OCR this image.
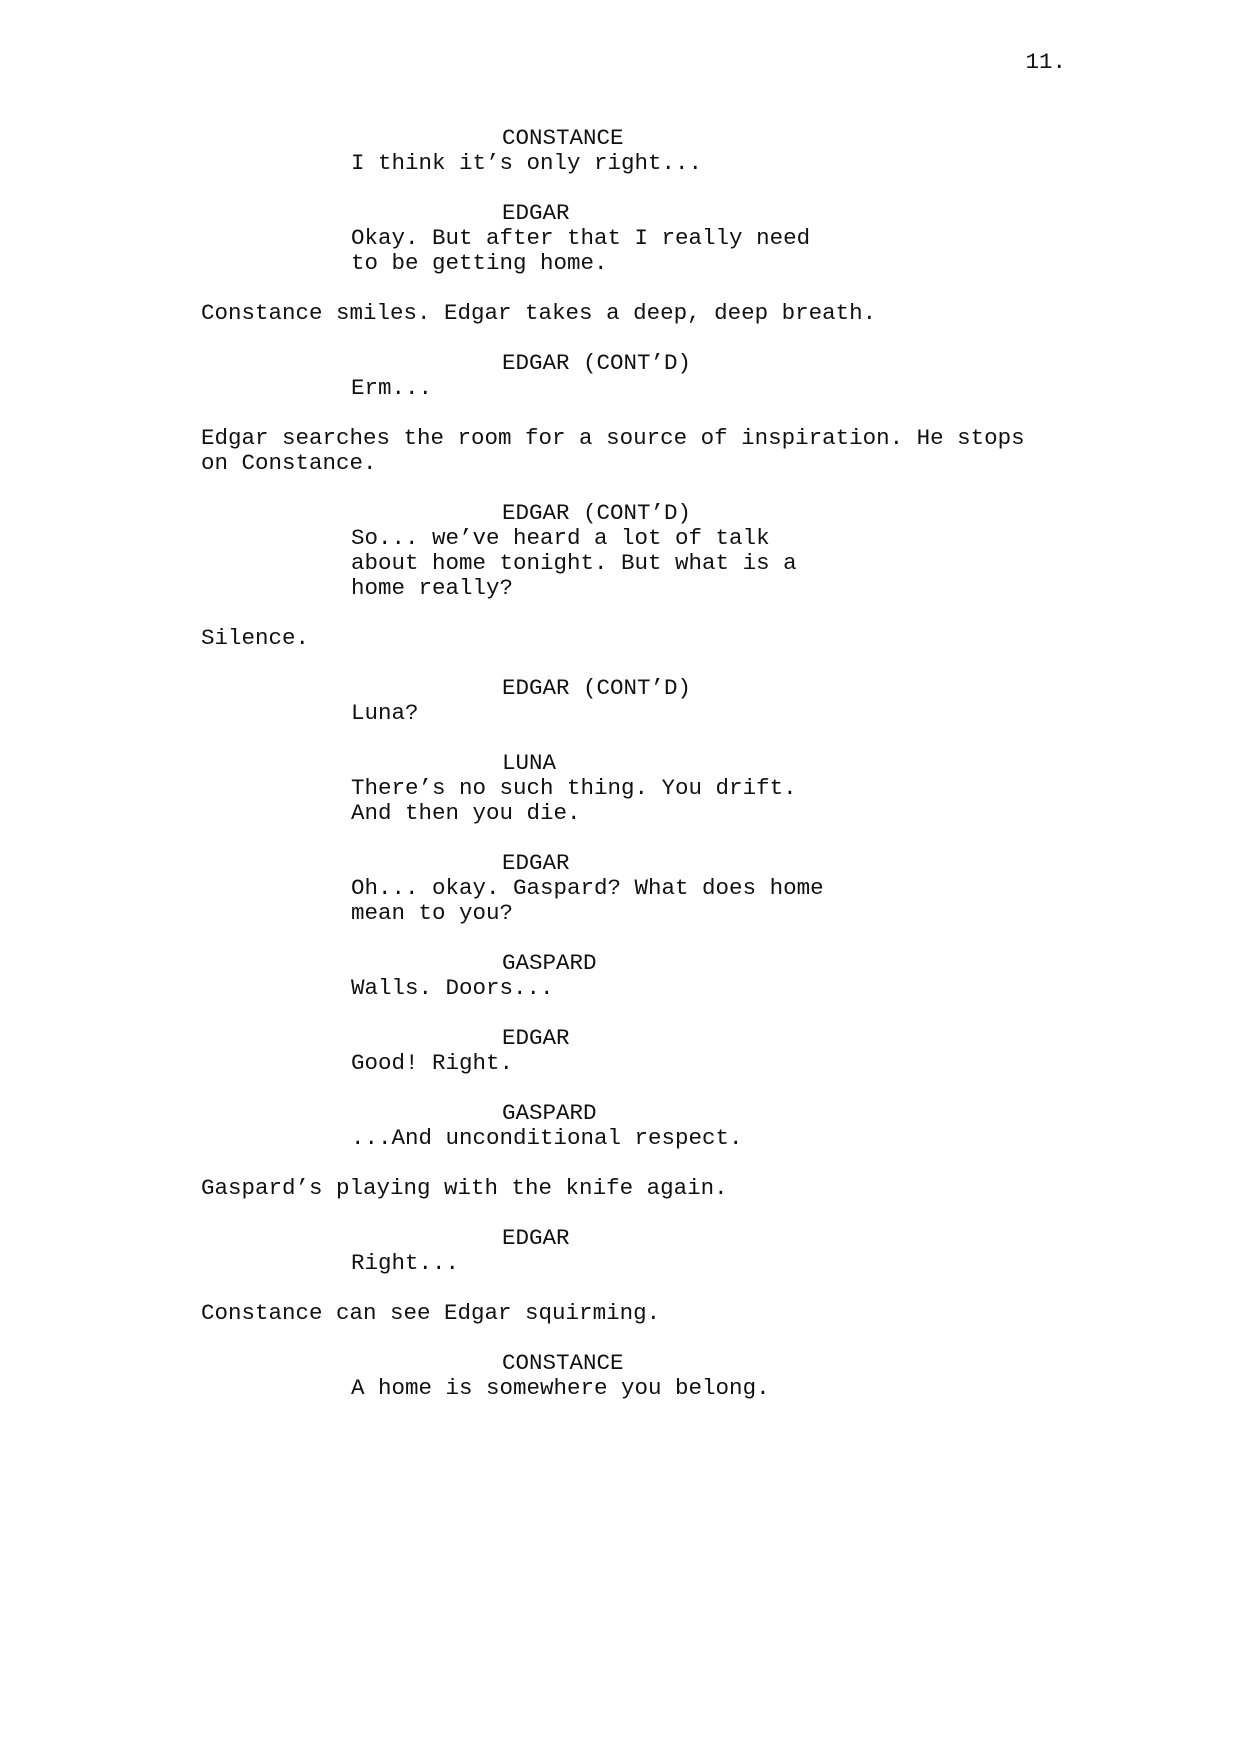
11.
CONSTANCE
I think it’s only right...
EDGAR
Okay. But after that I really need
to be getting home.
Constance smiles. Edgar takes a deep, deep breath.
EDGAR (CONT’D)
Erm...
Edgar searches the room for a source of inspiration. He stops
on Constance.
EDGAR (CONT’D)
So... we’ve heard a lot of talk
about home tonight. But what is a
home really?
Silence.
EDGAR (CONT’D)
Luna?
LUNA
There’s no such thing. You drift.
And then you die.
EDGAR
Oh... okay. Gaspard? What does home
mean to you?
GASPARD
Walls. Doors...
EDGAR
Good! Right.
GASPARD
...And unconditional respect.
Gaspard’s playing with the knife again.
EDGAR
Right...
Constance can see Edgar squirming.
CONSTANCE
A home is somewhere you belong.
